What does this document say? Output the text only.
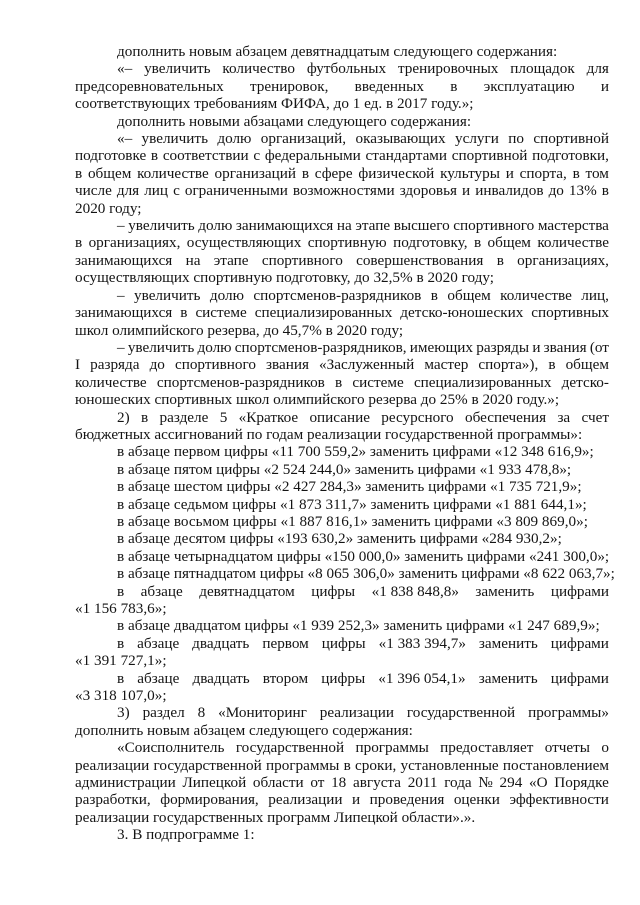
дополнить новым абзацем девятнадцатым следующего содержания:
«– увеличить количество футбольных тренировочных площадок для
предсоревновательных тренировок, введенных в эксплуатацию и
соответствующих требованиям ФИФА, до 1 ед. в 2017 году.»;
дополнить новыми абзацами следующего содержания:
«– увеличить долю организаций, оказывающих услуги по спортивной
подготовке в соответствии с федеральными стандартами спортивной подготовки,
в общем количестве организаций в сфере физической культуры и спорта, в том
числе для лиц с ограниченными возможностями здоровья и инвалидов до 13% в
2020 году;
– увеличить долю занимающихся на этапе высшего спортивного мастерства
в организациях, осуществляющих спортивную подготовку, в общем количестве
занимающихся на этапе спортивного совершенствования в организациях,
осуществляющих спортивную подготовку, до 32,5% в 2020 году;
– увеличить долю спортсменов-разрядников в общем количестве лиц,
занимающихся в системе специализированных детско-юношеских спортивных
школ олимпийского резерва, до 45,7% в 2020 году;
– увеличить долю спортсменов-разрядников, имеющих разряды и звания (от
I разряда до спортивного звания «Заслуженный мастер спорта»), в общем
количестве спортсменов-разрядников в системе специализированных детско-
юношеских спортивных школ олимпийского резерва до 25% в 2020 году.»;
2) в разделе 5 «Краткое описание ресурсного обеспечения за счет
бюджетных ассигнований по годам реализации государственной программы»:
в абзаце первом цифры «11 700 559,2» заменить цифрами «12 348 616,9»;
в абзаце пятом цифры «2 524 244,0» заменить цифрами «1 933 478,8»;
в абзаце шестом цифры «2 427 284,3» заменить цифрами «1 735 721,9»;
в абзаце седьмом цифры «1 873 311,7» заменить цифрами «1 881 644,1»;
в абзаце восьмом цифры «1 887 816,1» заменить цифрами «3 809 869,0»;
в абзаце десятом цифры «193 630,2» заменить цифрами «284 930,2»;
в абзаце четырнадцатом цифры «150 000,0» заменить цифрами «241 300,0»;
в абзаце пятнадцатом цифры «8 065 306,0» заменить цифрами «8 622 063,7»;
в абзаце девятнадцатом цифры «1 838 848,8» заменить цифрами
«1 156 783,6»;
в абзаце двадцатом цифры «1 939 252,3» заменить цифрами «1 247 689,9»;
в абзаце двадцать первом цифры «1 383 394,7» заменить цифрами
«1 391 727,1»;
в абзаце двадцать втором цифры «1 396 054,1» заменить цифрами
«3 318 107,0»;
3) раздел 8 «Мониторинг реализации государственной программы»
дополнить новым абзацем следующего содержания:
«Соисполнитель государственной программы предоставляет отчеты о
реализации государственной программы в сроки, установленные постановлением
администрации Липецкой области от 18 августа 2011 года № 294 «О Порядке
разработки, формирования, реализации и проведения оценки эффективности
реализации государственных программ Липецкой области».».
3. В подпрограмме 1:
